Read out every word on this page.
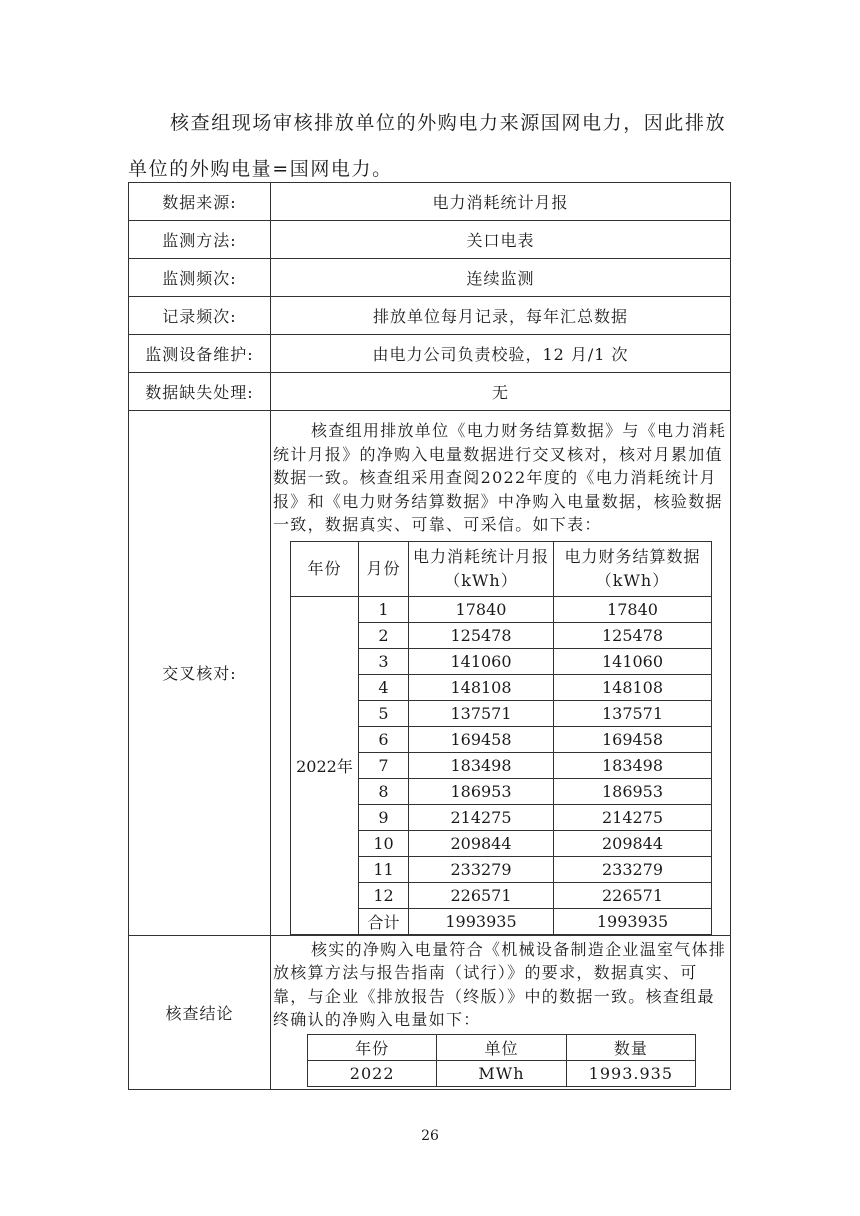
核查组现场审核排放单位的外购电力来源国网电力，因此排放单位的外购电量=国网电力。

数据来源:	电力消耗统计月报
监测方法:	关口电表
监测频次:	连续监测
记录频次:	排放单位每月记录，每年汇总数据
监测设备维护:	由电力公司负责校验，12 月/1 次
数据缺失处理:	无
交叉核对:	

核查组用排放单位《电力财务结算数据》与《电力消耗统计月报》的净购入电量数据进行交叉核对，核对月累加值数据一致。核查组采用查阅2022年度的《电力消耗统计月报》和《电力财务结算数据》中净购入电量数据，核验数据一致，数据真实、可靠、可采信。如下表：

年份	月份	电力消耗统计月报（kWh）	电力财务结算数据（kWh）
2022年	1	17840	17840
2	125478	125478
3	141060	141060
4	148108	148108
5	137571	137571
6	169458	169458
7	183498	183498
8	186953	186953
9	214275	214275
10	209844	209844
11	233279	233279
12	226571	226571
合计	1993935	1993935

核查结论	

核实的净购入电量符合《机械设备制造企业温室气体排放核算方法与报告指南（试行）》的要求，数据真实、可靠，与企业《排放报告（终版）》中的数据一致。核查组最终确认的净购入电量如下：

年份	单位	数量
2022	MWh	1993.935
26
